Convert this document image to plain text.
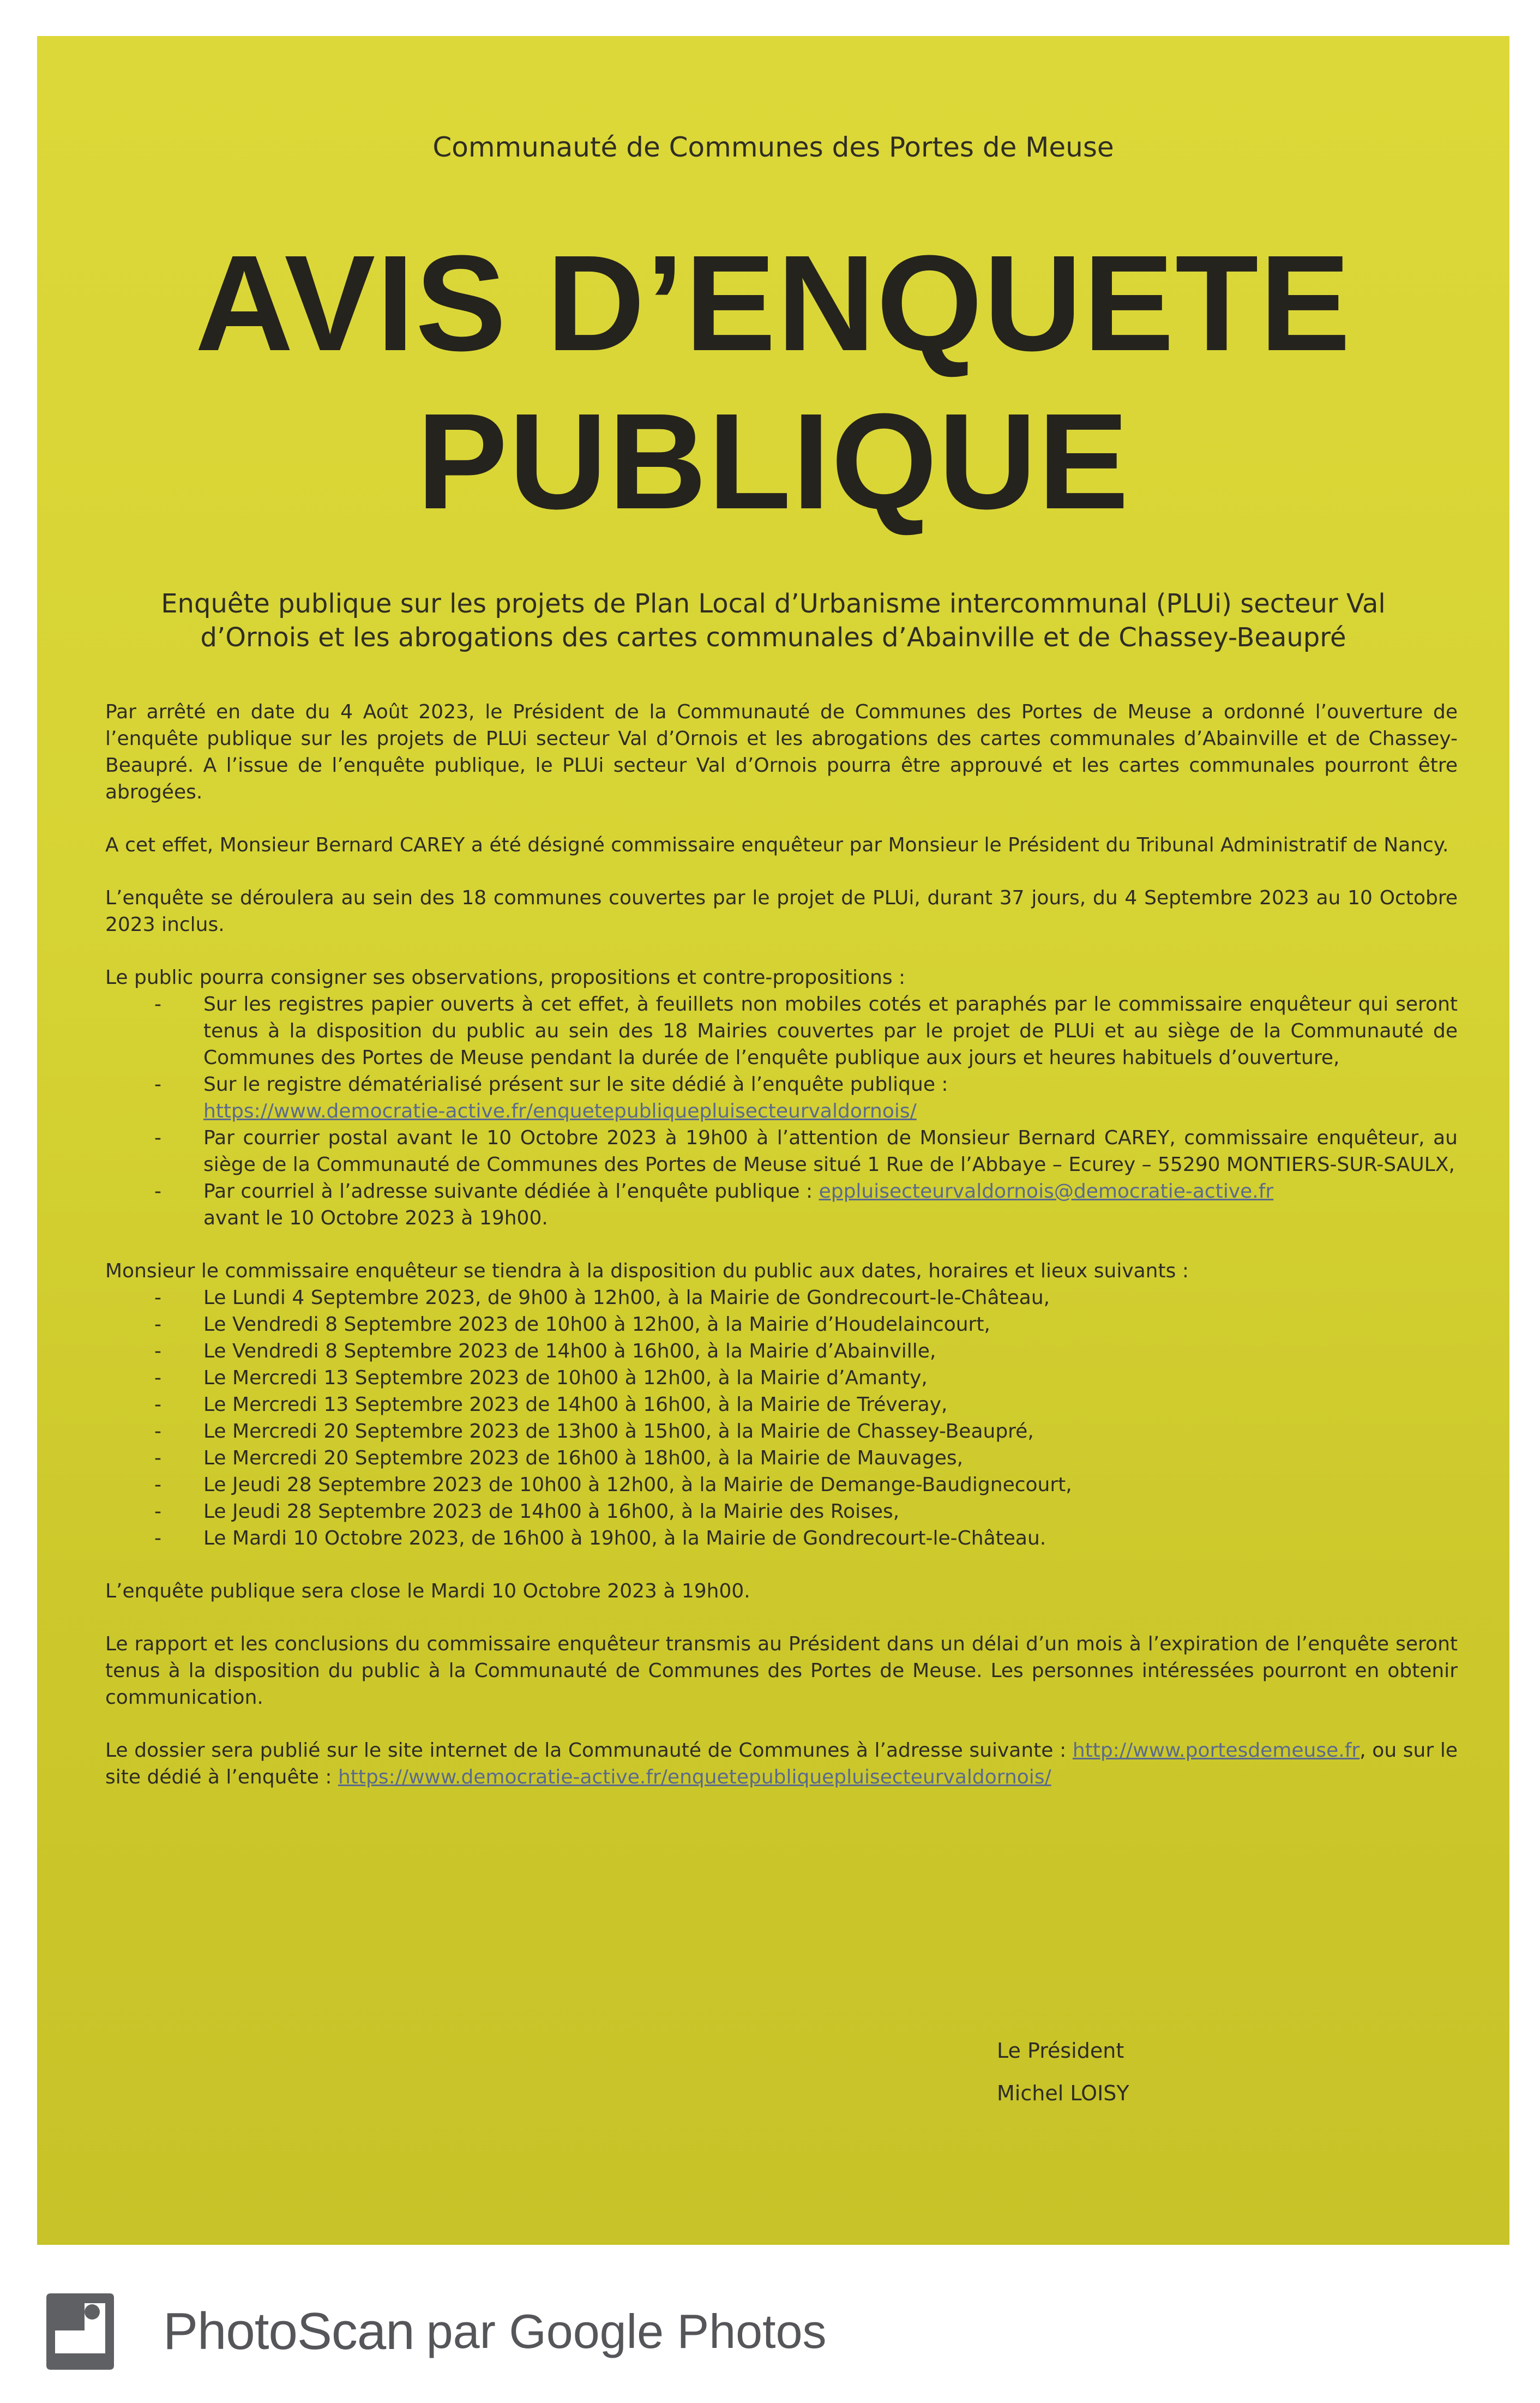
Communauté de Communes des Portes de Meuse
AVIS D’ENQUETE
PUBLIQUE
Enquête publique sur les projets de Plan Local d’Urbanisme intercommunal (PLUi) secteur Val d’Ornois et les abrogations des cartes communales d’Abainville et de Chassey-Beaupré

Par arrêté en date du 4 Août 2023, le Président de la Communauté de Communes des Portes de Meuse a ordonné l’ouverture de l’enquête publique sur les projets de PLUi secteur Val d’Ornois et les abrogations des cartes communales d’Abainville et de Chassey-Beaupré. A l’issue de l’enquête publique, le PLUi secteur Val d’Ornois pourra être approuvé et les cartes communales pourront être abrogées.

A cet effet, Monsieur Bernard CAREY a été désigné commissaire enquêteur par Monsieur le Président du Tribunal Administratif de Nancy.

L’enquête se déroulera au sein des 18 communes couvertes par le projet de PLUi, durant 37 jours, du 4 Septembre 2023 au 10 Octobre 2023 inclus.

Le public pourra consigner ses observations, propositions et contre-propositions :
- Sur les registres papier ouverts à cet effet, à feuillets non mobiles cotés et paraphés par le commissaire enquêteur qui seront tenus à la disposition du public au sein des 18 Mairies couvertes par le projet de PLUi et au siège de la Communauté de Communes des Portes de Meuse pendant la durée de l’enquête publique aux jours et heures habituels d’ouverture,
- Sur le registre dématérialisé présent sur le site dédié à l’enquête publique :
https://www.democratie-active.fr/enquetepubliquepluisecteurvaldornois/
- Par courrier postal avant le 10 Octobre 2023 à 19h00 à l’attention de Monsieur Bernard CAREY, commissaire enquêteur, au siège de la Communauté de Communes des Portes de Meuse situé 1 Rue de l’Abbaye – Ecurey – 55290 MONTIERS-SUR-SAULX,
- Par courriel à l’adresse suivante dédiée à l’enquête publique : eppluisecteurvaldornois@democratie-active.fr
avant le 10 Octobre 2023 à 19h00.
Monsieur le commissaire enquêteur se tiendra à la disposition du public aux dates, horaires et lieux suivants :
- Le Lundi 4 Septembre 2023, de 9h00 à 12h00, à la Mairie de Gondrecourt-le-Château,
- Le Vendredi 8 Septembre 2023 de 10h00 à 12h00, à la Mairie d’Houdelaincourt,
- Le Vendredi 8 Septembre 2023 de 14h00 à 16h00, à la Mairie d’Abainville,
- Le Mercredi 13 Septembre 2023 de 10h00 à 12h00, à la Mairie d’Amanty,
- Le Mercredi 13 Septembre 2023 de 14h00 à 16h00, à la Mairie de Tréveray,
- Le Mercredi 20 Septembre 2023 de 13h00 à 15h00, à la Mairie de Chassey-Beaupré,
- Le Mercredi 20 Septembre 2023 de 16h00 à 18h00, à la Mairie de Mauvages,
- Le Jeudi 28 Septembre 2023 de 10h00 à 12h00, à la Mairie de Demange-Baudignecourt,
- Le Jeudi 28 Septembre 2023 de 14h00 à 16h00, à la Mairie des Roises,
- Le Mardi 10 Octobre 2023, de 16h00 à 19h00, à la Mairie de Gondrecourt-le-Château.

L’enquête publique sera close le Mardi 10 Octobre 2023 à 19h00.

Le rapport et les conclusions du commissaire enquêteur transmis au Président dans un délai d’un mois à l’expiration de l’enquête seront tenus à la disposition du public à la Communauté de Communes des Portes de Meuse. Les personnes intéressées pourront en obtenir communication.

Le dossier sera publié sur le site internet de la Communauté de Communes à l’adresse suivante : http://www.portesdemeuse.fr, ou sur le site dédié à l’enquête : https://www.democratie-active.fr/enquetepubliquepluisecteurvaldornois/

Le Président
Michel LOISY
PhotoScan par Google Photos
